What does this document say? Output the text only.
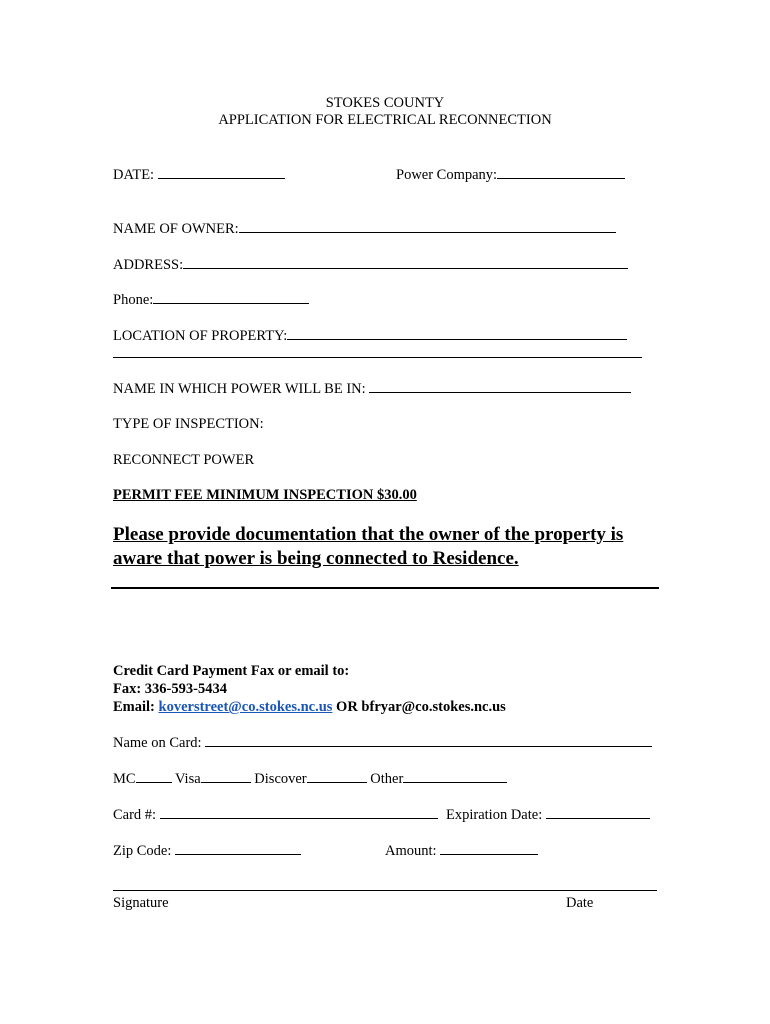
STOKES COUNTY
APPLICATION FOR ELECTRICAL RECONNECTION
DATE:	Power Company:
NAME OF OWNER:
ADDRESS:
Phone:
LOCATION OF PROPERTY:
NAME IN WHICH POWER WILL BE IN:
TYPE OF INSPECTION:
RECONNECT POWER
PERMIT FEE MINIMUM INSPECTION $30.00
Please provide documentation that the owner of the property is
aware that power is being connected to Residence.
Credit Card Payment Fax or email to:
Fax: 336-593-5434
Email: koverstreet@co.stokes.nc.us OR bfryar@co.stokes.nc.us
Name on Card:
MC	Visa	Discover	Other
Card #:	Expiration Date:
Zip Code:	Amount:
Signature	Date
